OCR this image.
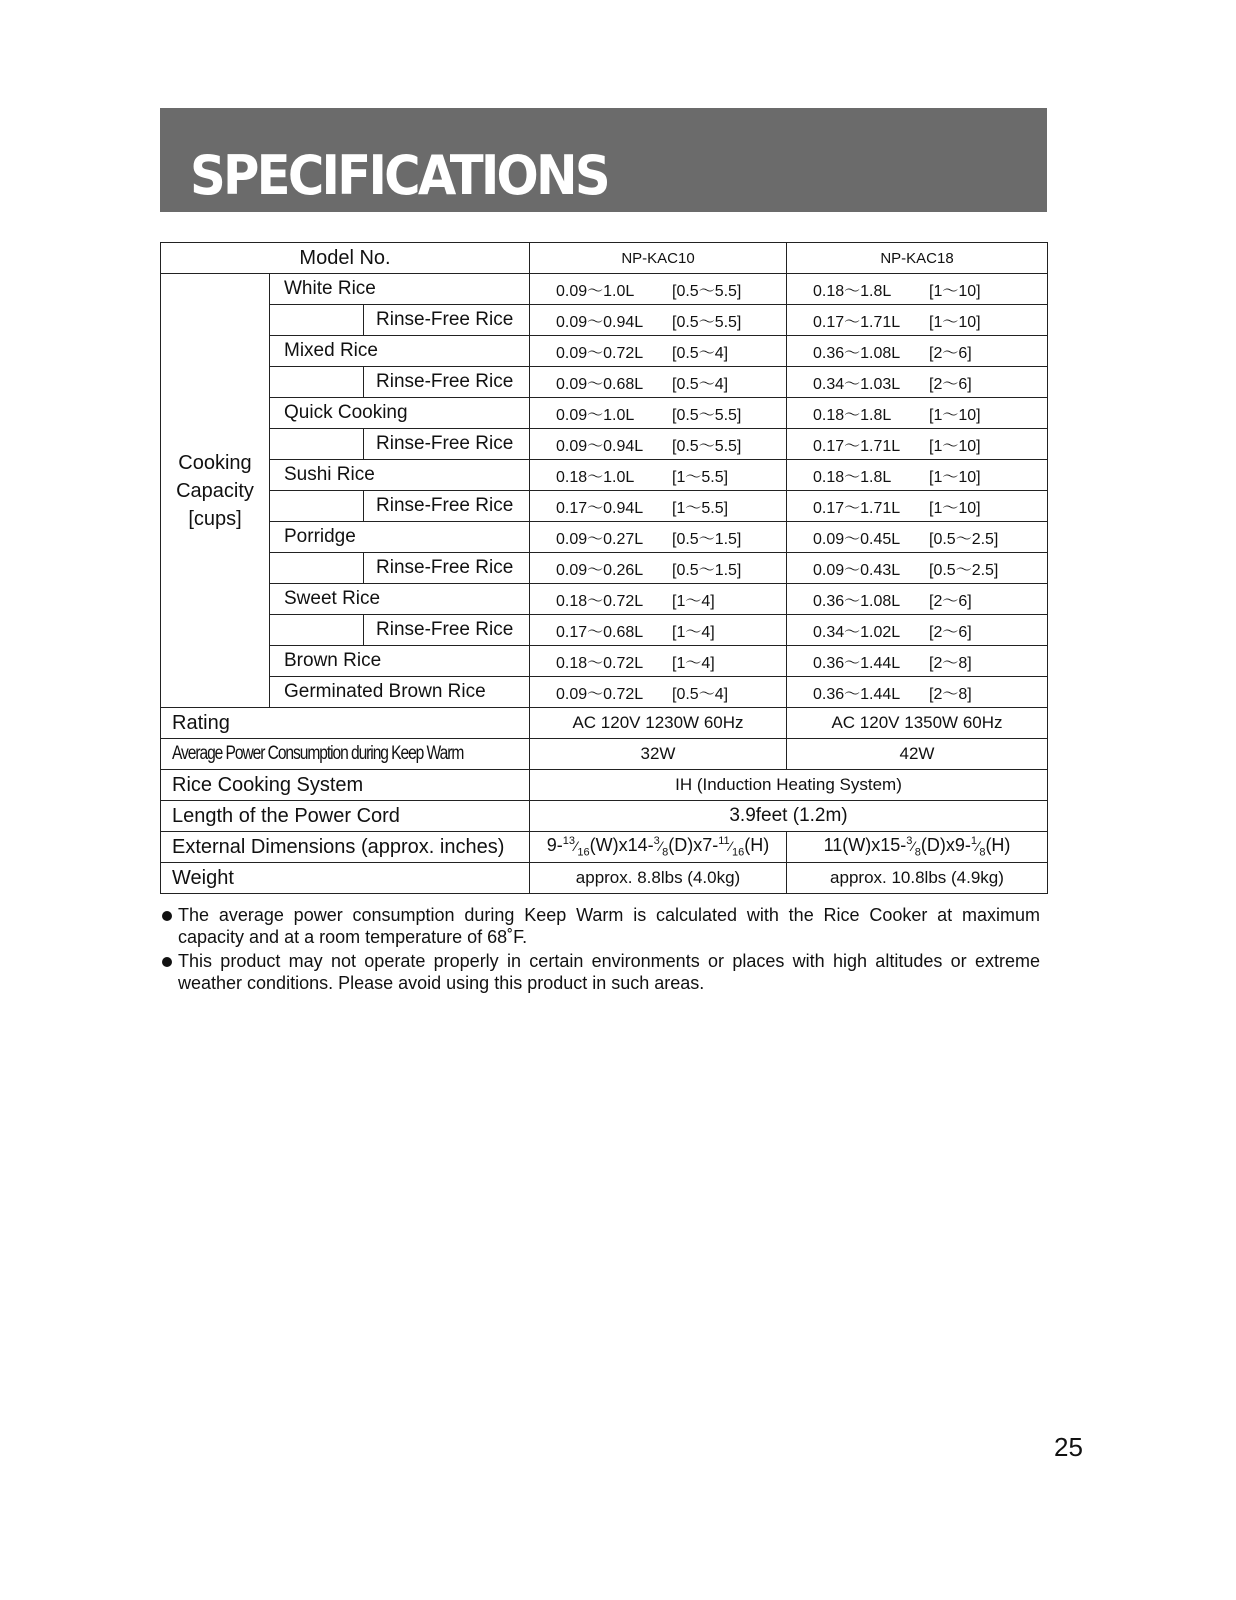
SPECIFICATIONS
Model No.			NP-KAC10	NP-KAC18

Cooking
Capacity
[cups]	White Rice		0.09～1.0L [0.5～5.5]	0.18～1.8L [1～10]
		Rinse-Free Rice	0.09～0.94L [0.5～5.5]	0.17～1.71L [1～10]
	Mixed Rice		0.09～0.72L [0.5～4]	0.36～1.08L [2～6]
		Rinse-Free Rice	0.09～0.68L [0.5～4]	0.34～1.03L [2～6]
	Quick Cooking		0.09～1.0L [0.5～5.5]	0.18～1.8L [1～10]
		Rinse-Free Rice	0.09～0.94L [0.5～5.5]	0.17～1.71L [1～10]
	Sushi Rice		0.18～1.0L [1～5.5]	0.18～1.8L [1～10]
		Rinse-Free Rice	0.17～0.94L [1～5.5]	0.17～1.71L [1～10]
	Porridge		0.09～0.27L [0.5～1.5]	0.09～0.45L [0.5～2.5]
		Rinse-Free Rice	0.09～0.26L [0.5～1.5]	0.09～0.43L [0.5～2.5]
	Sweet Rice		0.18～0.72L [1～4]	0.36～1.08L [2～6]
		Rinse-Free Rice	0.17～0.68L [1～4]	0.34～1.02L [2～6]
	Brown Rice		0.18～0.72L [1～4]	0.36～1.44L [2～8]
	Germinated Brown Rice		0.09～0.72L [0.5～4]	0.36～1.44L [2～8]
Rating			AC 120V 1230W 60Hz	AC 120V 1350W 60Hz
Average Power Consumption during Keep Warm			32W	42W
Rice Cooking System			IH (Induction Heating System)	
Length of the Power Cord			3.9feet (1.2m)	
External Dimensions (approx. inches)			$9-^{13}⁄_{16}(W)x14-^3⁄_8(D)x7-^{11}⁄_{16}(H)$	$11(W)x15-^3⁄_8(D)x9-^1⁄_8(H)$
Weight			approx. 8.8lbs (4.0kg)	approx. 10.8lbs (4.9kg)
The average power consumption during Keep Warm is calculated with the Rice Cooker at maximum capacity and at a room temperature of 68˚F.
This product may not operate properly in certain environments or places with high altitudes or extreme weather conditions. Please avoid using this product in such areas.
25
